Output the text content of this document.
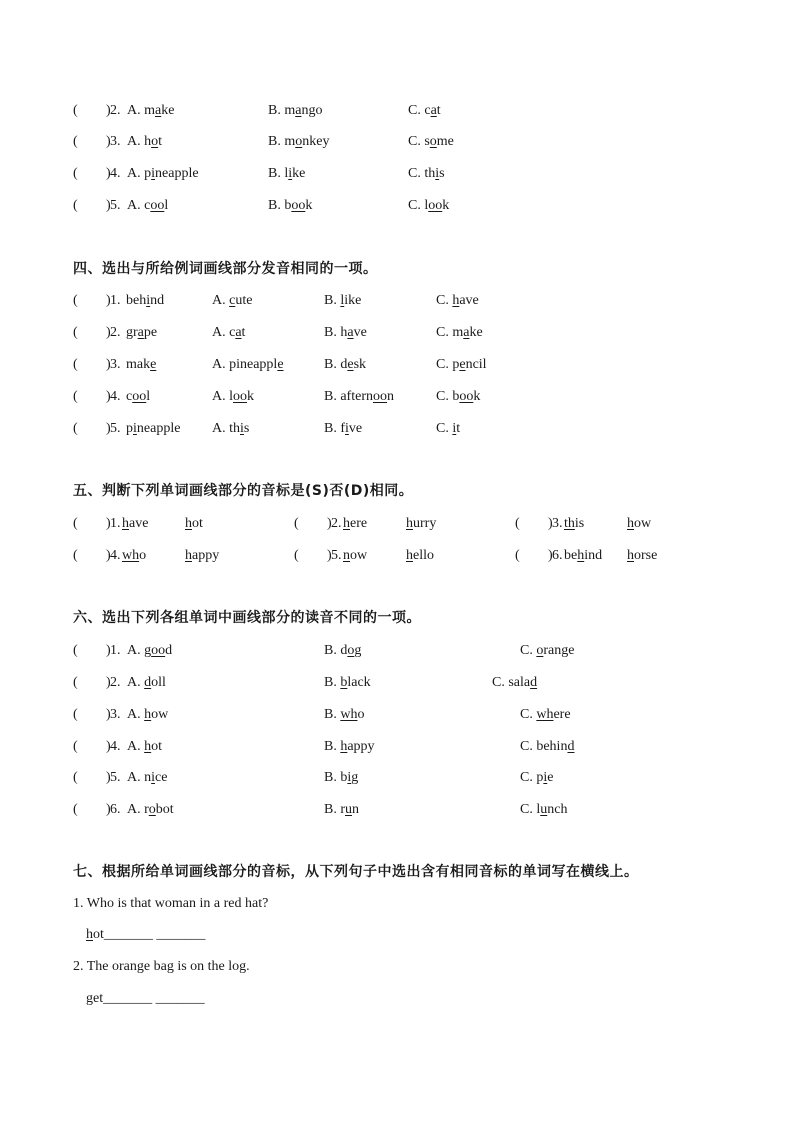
( ) 2. A. make	B. mango	C. cat
( ) 3. A. hot	B. monkey	C. some
( ) 4. A. pineapple	B. like	C. this
( ) 5. A. cool	B. book	C. look
四、选出与所给例词画线部分发音相同的一项。
( ) 1. behind	A. cute	B. like	C. have
( ) 2. grape	A. cat	B. have	C. make
( ) 3. make	A. pineapple	B. desk	C. pencil
( ) 4. cool	A. look	B. afternoon	C. book
( ) 5. pineapple A. this	B. five	C. it
五、判断下列单词画线部分的音标是(S)否(D)相同。
( ) 1. have	hot	( ) 2. here	hurry	( ) 3. this	how
( ) 4. who	happy	( ) 5. now	hello	( ) 6. behind horse
六、选出下列各组单词中画线部分的读音不同的一项。
( ) 1. A. good	B. dog	C. orange
( ) 2. A. doll	B. black	C. salad
( ) 3. A. how	B. who	C. where
( ) 4. A. hot	B. happy	C. behind
( ) 5. A. nice	B. big	C. pie
( ) 6. A. robot	B. run	C. lunch
七、根据所给单词画线部分的音标，从下列句子中选出含有相同音标的单词写在横线上。
1. Who is that woman in a red hat?
hot_______ _______
2. The orange bag is on the log.
get_______ _______
